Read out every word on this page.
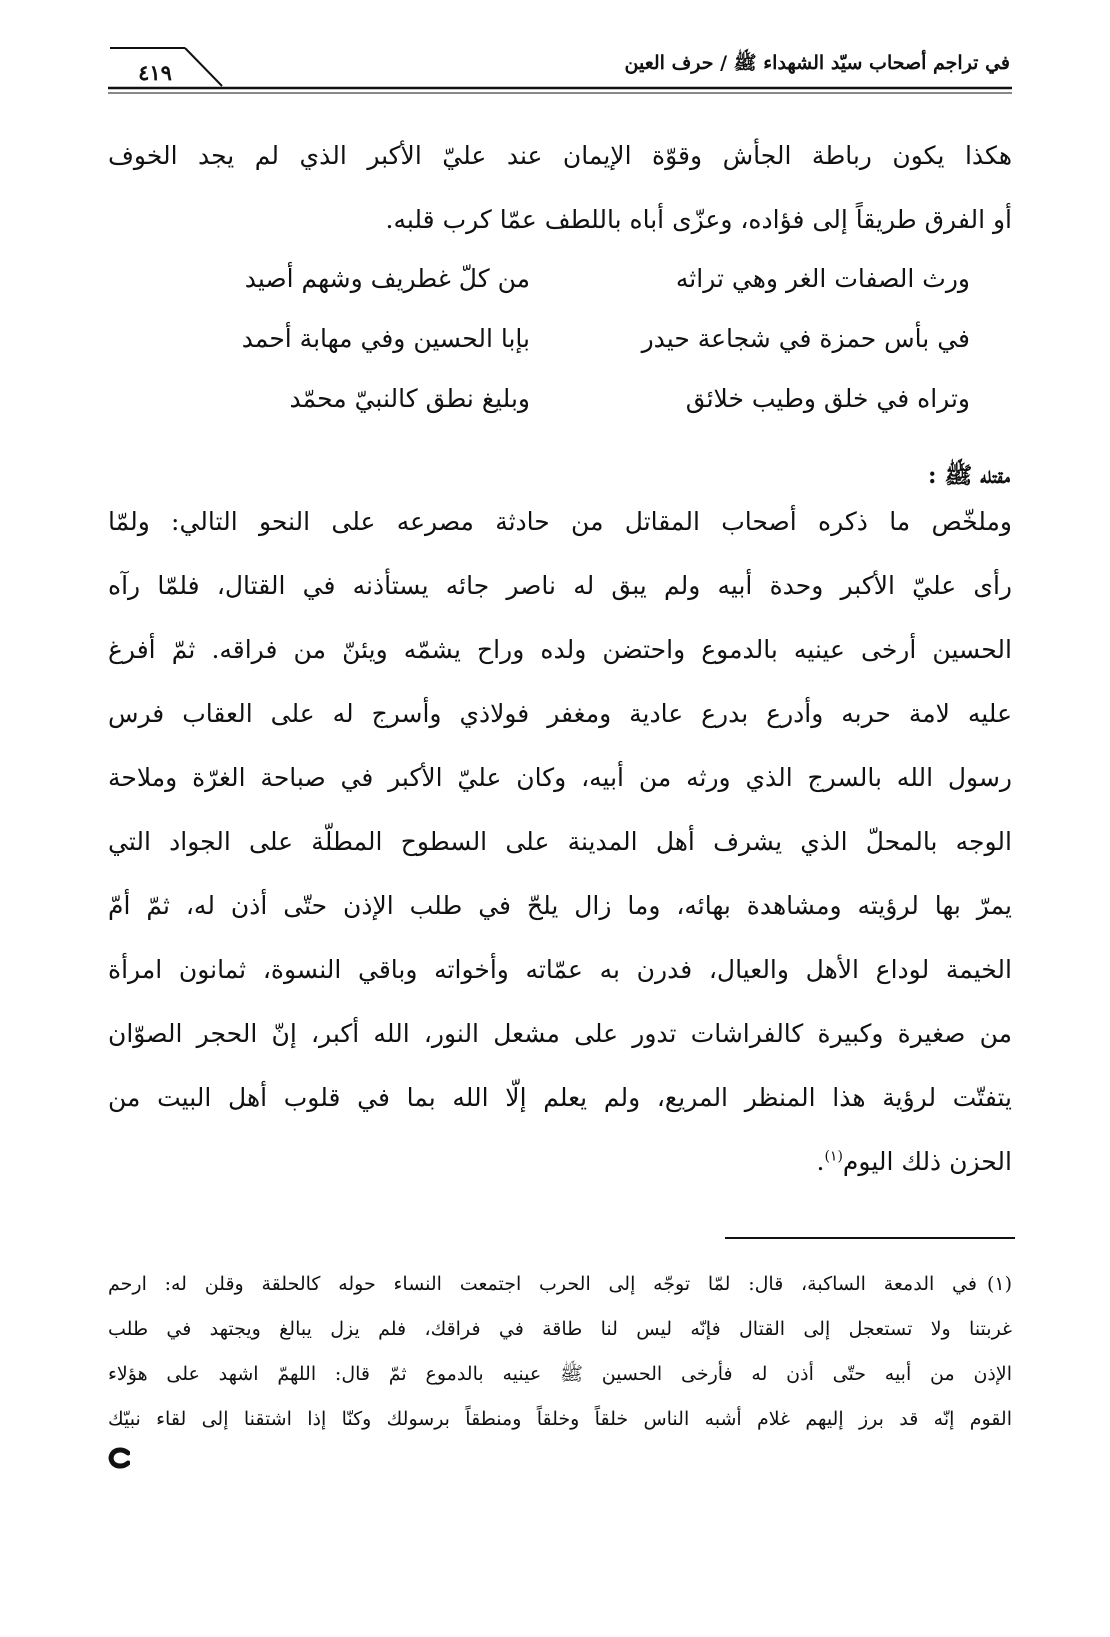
في تراجم أصحاب سيّد الشهداء ﷺ / حرف العين
٤١٩
هكذا يكون رباطة الجأش وقوّة الإيمان عند عليّ الأكبر الذي لم يجد الخوف
أو الفرق طريقاً إلى فؤاده، وعزّى أباه باللطف عمّا كرب قلبه.
ورث الصفات الغر وهي تراثه
من كلّ غطريف وشهم أصيد
في بأس حمزة في شجاعة حيدر
بإبا الحسين وفي مهابة أحمد
وتراه في خلق وطيب خلائق
وبليغ نطق كالنبيّ محمّد
مقتله ﷺ :
وملخّص ما ذكره أصحاب المقاتل من حادثة مصرعه على النحو التالي: ولمّا
رأى عليّ الأكبر وحدة أبيه ولم يبق له ناصر جائه يستأذنه في القتال، فلمّا رآه
الحسين أرخى عينيه بالدموع واحتضن ولده وراح يشمّه ويئنّ من فراقه. ثمّ أفرغ
عليه لامة حربه وأدرع بدرع عادية ومغفر فولاذي وأسرج له على العقاب فرس
رسول الله بالسرج الذي ورثه من أبيه، وكان عليّ الأكبر في صباحة الغرّة وملاحة
الوجه بالمحلّ الذي يشرف أهل المدينة على السطوح المطلّة على الجواد التي
يمرّ بها لرؤيته ومشاهدة بهائه، وما زال يلحّ في طلب الإذن حتّى أذن له، ثمّ أمّ
الخيمة لوداع الأهل والعيال، فدرن به عمّاته وأخواته وباقي النسوة، ثمانون امرأة
من صغيرة وكبيرة كالفراشات تدور على مشعل النور، الله أكبر، إنّ الحجر الصوّان
يتفتّت لرؤية هذا المنظر المريع، ولم يعلم إلّا الله بما في قلوب أهل البيت من
الحزن ذلك اليوم$^{(١)}$.
(١)في الدمعة الساكبة، قال: لمّا توجّه إلى الحرب اجتمعت النساء حوله كالحلقة وقلن له: ارحم
غربتنا ولا تستعجل إلى القتال فإنّه ليس لنا طاقة في فراقك، فلم يزل يبالغ ويجتهد في طلب
الإذن من أبيه حتّى أذن له فأرخى الحسين ﷺ عينيه بالدموع ثمّ قال: اللهمّ اشهد على هؤلاء
القوم إنّه قد برز إليهم غلام أشبه الناس خلقاً وخلقاً ومنطقاً برسولك وكنّا إذا اشتقنا إلى لقاء نبيّك
